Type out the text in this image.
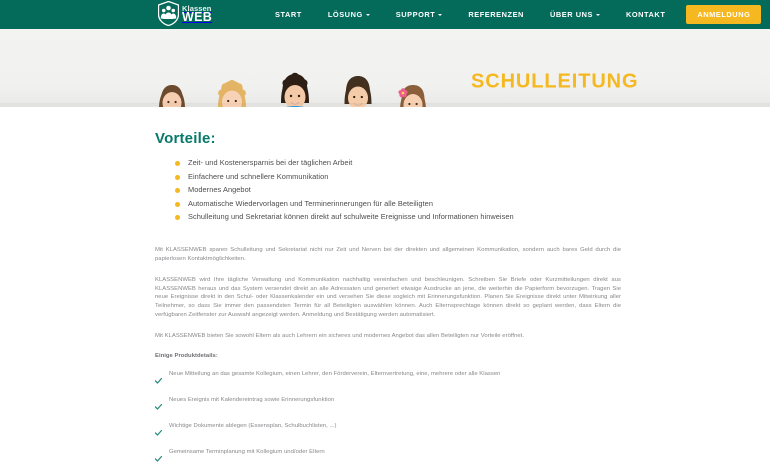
Klassen
WEB	START	LÖSUNG	SUPPORT	REFERENZEN	ÜBER UNS	KONTAKT	ANMELDUNG
SCHULLEITUNG
Vorteile:
Zeit- und Kostenersparnis bei der täglichen Arbeit
Einfachere und schnellere Kommunikation
Modernes Angebot
Automatische Wiedervorlagen und Terminerinnerungen für alle Beteiligten
Schulleitung und Sekretariat können direkt auf schulweite Ereignisse und Informationen hinweisen

Mit KLASSENWEB sparen Schulleitung und Sekretariat nicht nur Zeit und Nerven bei der direkten und allgemeinen Kommunikation, sondern auch bares Geld durch die papierlosen Kontaktmöglichkeiten.

KLASSENWEB wird Ihre tägliche Verwaltung und Kommunikation nachhaltig vereinfachen und beschleunigen. Schreiben Sie Briefe oder Kurzmitteilungen direkt aus KLASSENWEB heraus und das System versendet direkt an alle Adressaten und generiert etwaige Ausdrucke an jene, die weiterhin die Papierform bevorzugen. Tragen Sie neue Ereignisse direkt in den Schul- oder Klassenkalender ein und versehen Sie diese sogleich mit Erinnerungsfunktion. Planen Sie Ereignisse direkt unter Mitwirkung aller Teilnehmer, so dass Sie immer den passendsten Termin für all Beteiligten auswählen können. Auch Elternsprechtage können direkt so geplant werden, dass Eltern die verfügbaren Zeitfenster zur Auswahl angezeigt werden. Anmeldung und Bestätigung werden automatisiert.

Mit KLASSENWEB bieten Sie sowohl Eltern als auch Lehrern ein sicheres und modernes Angebot das allen Beteiligten nur Vorteile eröffnet.

Einige Produktdetails:

Neue Mitteilung an das gesamte Kollegium, einen Lehrer, den Förderverein, Elternvertretung, eine, mehrere oder alle Klassen
Neues Ereignis mit Kalendereintrag sowie Erinnerungsfunktion
Wichtige Dokumente ablegen (Essensplan, Schulbuchlisten, ...)
Gemeinsame Terminplanung mit Kollegium und/oder Eltern
